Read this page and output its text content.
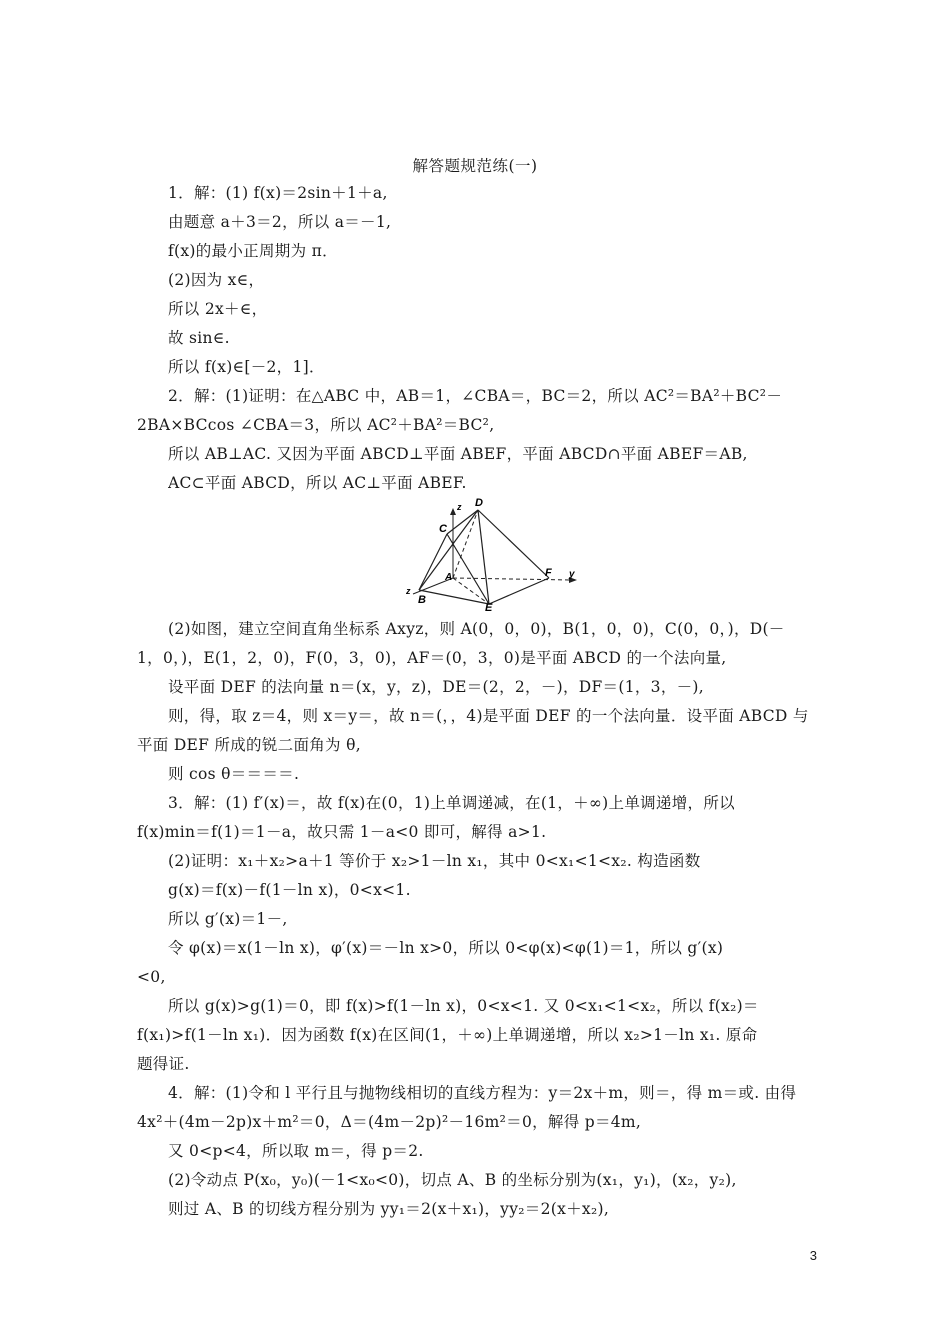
解答题规范练(一)
1．解：(1) f(x)＝2sin＋1＋a,
由题意 a＋3＝2，所以 a＝－1,
f(x)的最小正周期为 π．
(2)因为 x∈，
所以 2x＋∈，
故 sin∈.
所以 f(x)∈[－2，1]．
2．解：(1)证明：在△ABC 中，AB＝1，∠CBA＝，BC＝2，所以 AC²＝BA²＋BC²－
2BA×BCcos ∠CBA＝3，所以 AC²＋BA²＝BC²,
所以 AB⊥AC. 又因为平面 ABCD⊥平面 ABEF，平面 ABCD∩平面 ABEF＝AB,
AC⊂平面 ABCD，所以 AC⊥平面 ABEF.
D
C
A
B
E
F
z
y
z
(2)如图，建立空间直角坐标系 Axyz，则 A(0，0，0)，B(1，0，0)，C(0，0，)，D(－
1，0，)，E(1，2，0)，F(0，3，0)，AF＝(0，3，0)是平面 ABCD 的一个法向量,
设平面 DEF 的法向量 n＝(x，y，z)，DE＝(2，2，－)，DF＝(1，3，－),
则，得，取 z＝4，则 x＝y＝，故 n＝(，，4)是平面 DEF 的一个法向量．设平面 ABCD 与
平面 DEF 所成的锐二面角为 θ,
则 cos θ＝＝＝＝.
3．解：(1) f′(x)＝，故 f(x)在(0，1)上单调递减，在(1，＋∞)上单调递增，所以
f(x)min＝f(1)＝1－a，故只需 1－a<0 即可，解得 a>1.
(2)证明：x₁＋x₂>a＋1 等价于 x₂>1－ln x₁，其中 0<x₁<1<x₂. 构造函数
g(x)＝f(x)－f(1－ln x)，0<x<1.
所以 g′(x)＝1－,
令 φ(x)＝x(1－ln x)，φ′(x)＝－ln x>0，所以 0<φ(x)<φ(1)＝1，所以 g′(x)
<0,
所以 g(x)>g(1)＝0，即 f(x)>f(1－ln x)，0<x<1. 又 0<x₁<1<x₂，所以 f(x₂)＝
f(x₁)>f(1－ln x₁)．因为函数 f(x)在区间(1，＋∞)上单调递增，所以 x₂>1－ln x₁. 原命
题得证.
4．解：(1)令和 l 平行且与抛物线相切的直线方程为：y＝2x＋m，则＝，得 m＝或. 由得
4x²＋(4m－2p)x＋m²＝0，Δ＝(4m－2p)²－16m²＝0，解得 p＝4m,
又 0<p<4，所以取 m＝，得 p＝2.
(2)令动点 P(x₀，y₀)(－1<x₀<0)，切点 A、B 的坐标分别为(x₁，y₁)，(x₂，y₂),
则过 A、B 的切线方程分别为 yy₁＝2(x＋x₁)，yy₂＝2(x＋x₂),
3
